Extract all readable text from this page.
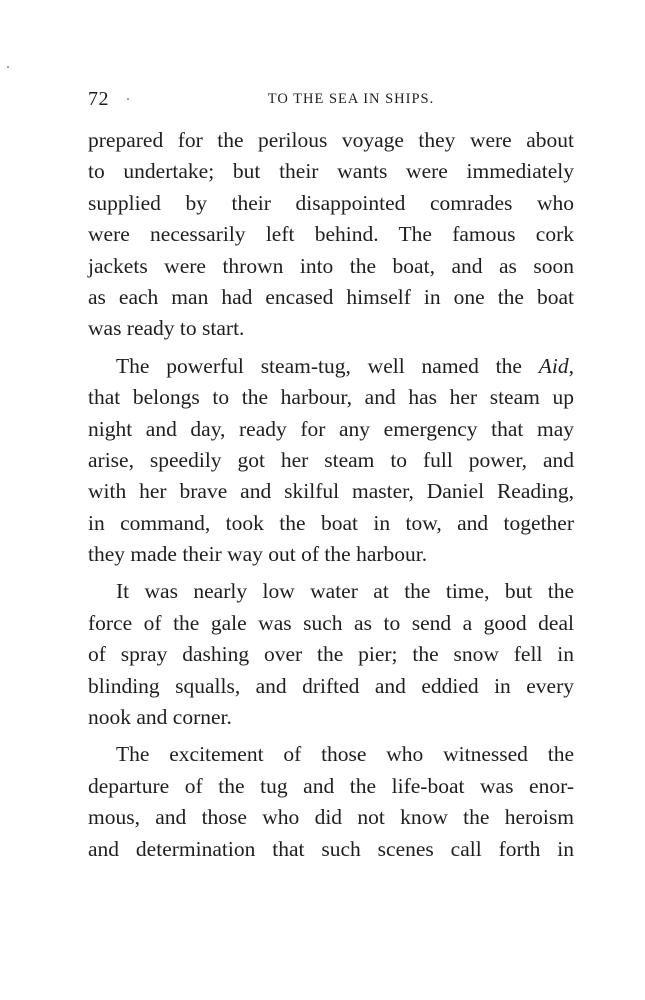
72	TO THE SEA IN SHIPS.
prepared for the perilous voyage they were about
to undertake; but their wants were immediately
supplied by their disappointed comrades who
were necessarily left behind. The famous cork
jackets were thrown into the boat, and as soon
as each man had encased himself in one the boat
was ready to start.
The powerful steam-tug, well named the Aid,
that belongs to the harbour, and has her steam up
night and day, ready for any emergency that may
arise, speedily got her steam to full power, and
with her brave and skilful master, Daniel Reading,
in command, took the boat in tow, and together
they made their way out of the harbour.
It was nearly low water at the time, but the
force of the gale was such as to send a good deal
of spray dashing over the pier; the snow fell in
blinding squalls, and drifted and eddied in every
nook and corner.
The excitement of those who witnessed the
departure of the tug and the life-boat was enor-
mous, and those who did not know the heroism
and determination that such scenes call forth in
